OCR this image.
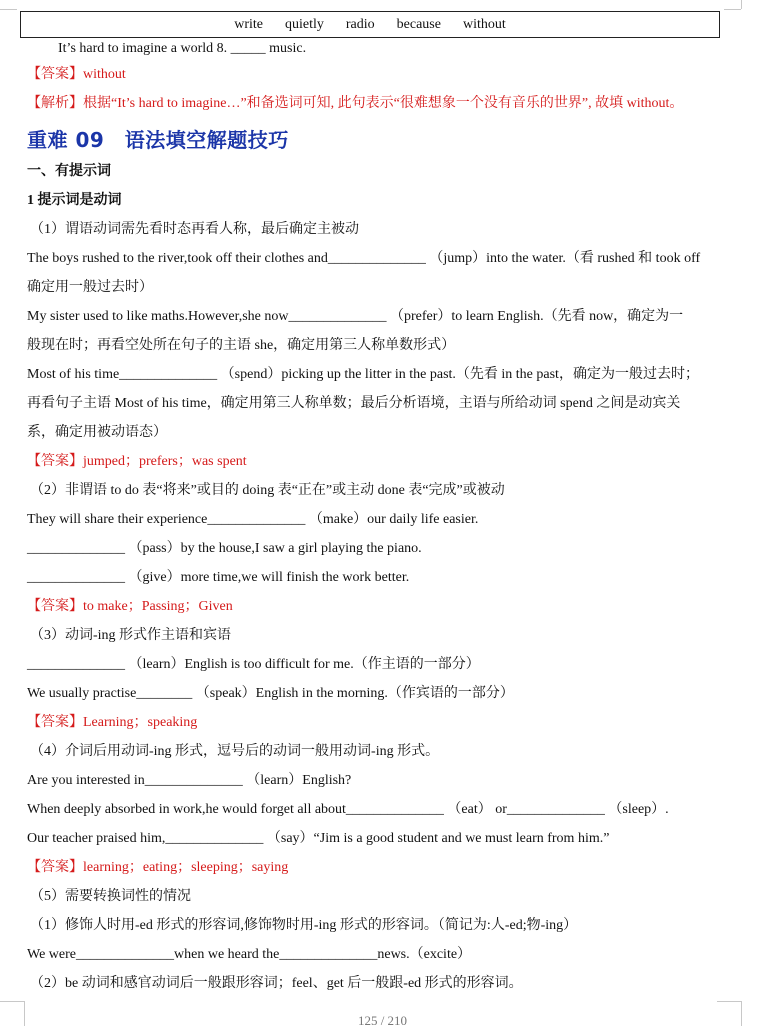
write quietly radio because without
It’s hard to imagine a world 8. _____ music.
【答案】without
【解析】根据“It’s hard to imagine…”和备选词可知, 此句表示“很难想象一个没有音乐的世界”, 故填 without。
重难 09　语法填空解题技巧
一、有提示词
1 提示词是动词
（1）谓语动词需先看时态再看人称，最后确定主被动
The boys rushed to the river,took off their clothes and______________ （jump）into the water.（看 rushed 和 took off
确定用一般过去时）
My sister used to like maths.However,she now______________ （prefer）to learn English.（先看 now，确定为一
般现在时；再看空处所在句子的主语 she，确定用第三人称单数形式）
Most of his time______________ （spend）picking up the litter in the past.（先看 in the past，确定为一般过去时；
再看句子主语 Most of his time，确定用第三人称单数；最后分析语境，主语与所给动词 spend 之间是动宾关
系，确定用被动语态）
【答案】jumped；prefers；was spent
（2）非谓语 to do 表“将来”或目的 doing 表“正在”或主动 done 表“完成”或被动
They will share their experience______________ （make）our daily life easier.
______________ （pass）by the house,I saw a girl playing the piano.
______________ （give）more time,we will finish the work better.
【答案】to make；Passing；Given
（3）动词-ing 形式作主语和宾语
______________ （learn）English is too difficult for me.（作主语的一部分）
We usually practise________ （speak）English in the morning.（作宾语的一部分）
【答案】Learning；speaking
（4）介词后用动词-ing 形式，逗号后的动词一般用动词-ing 形式。
Are you interested in______________ （learn）English?
When deeply absorbed in work,he would forget all about______________ （eat） or______________ （sleep）.
Our teacher praised him,______________ （say）“Jim is a good student and we must learn from him.”
【答案】learning；eating；sleeping；saying
（5）需要转换词性的情况
（1）修饰人时用-ed 形式的形容词,修饰物时用-ing 形式的形容词。（简记为:人-ed;物-ing）
We were______________when we heard the______________news.（excite）
（2）be 动词和感官动词后一般跟形容词；feel、get 后一般跟-ed 形式的形容词。
125 / 210
